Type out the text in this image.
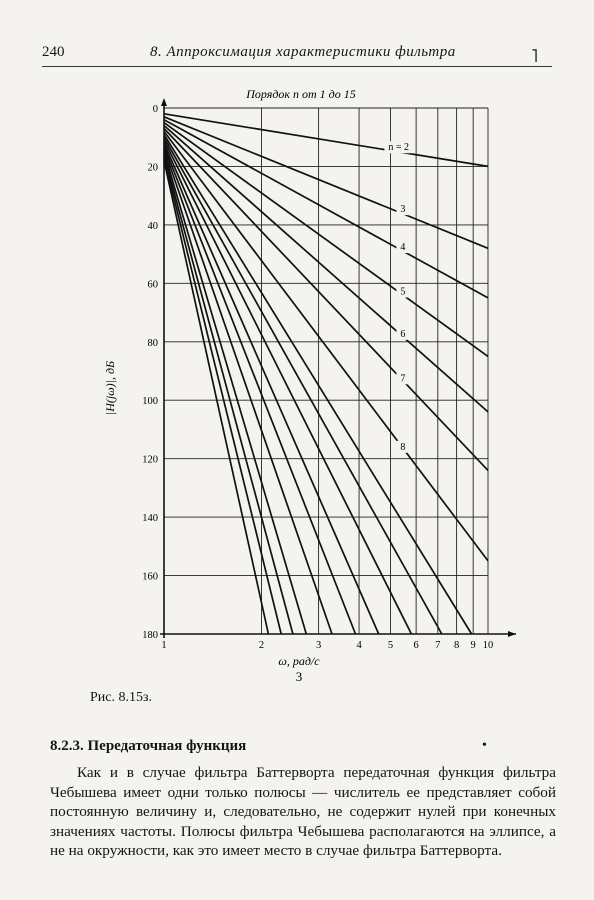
240	8. Аппроксимация характеристики фильтра	˥
Порядок n от 1 до 15
0
20
40
60
80
100
120
140
160
180
1	2	3	4 5 6 7 8 9 10
n = 2
3
4
5
6
7
8
|H(jω)|, дБ
ω, рад/с
3
Рис. 8.15з.
8.2.3. Передаточная функция	•

Как и в случае фильтра Баттерворта передаточная функция фильтра Чебышева имеет одни только полюсы — числитель ее представляет собой постоянную величину и, следовательно, не содержит нулей при конечных значениях частоты. Полюсы фильтра Чебышева располагаются на эллипсе, а не на окружности, как это имеет место в случае фильтра Баттерворта.
